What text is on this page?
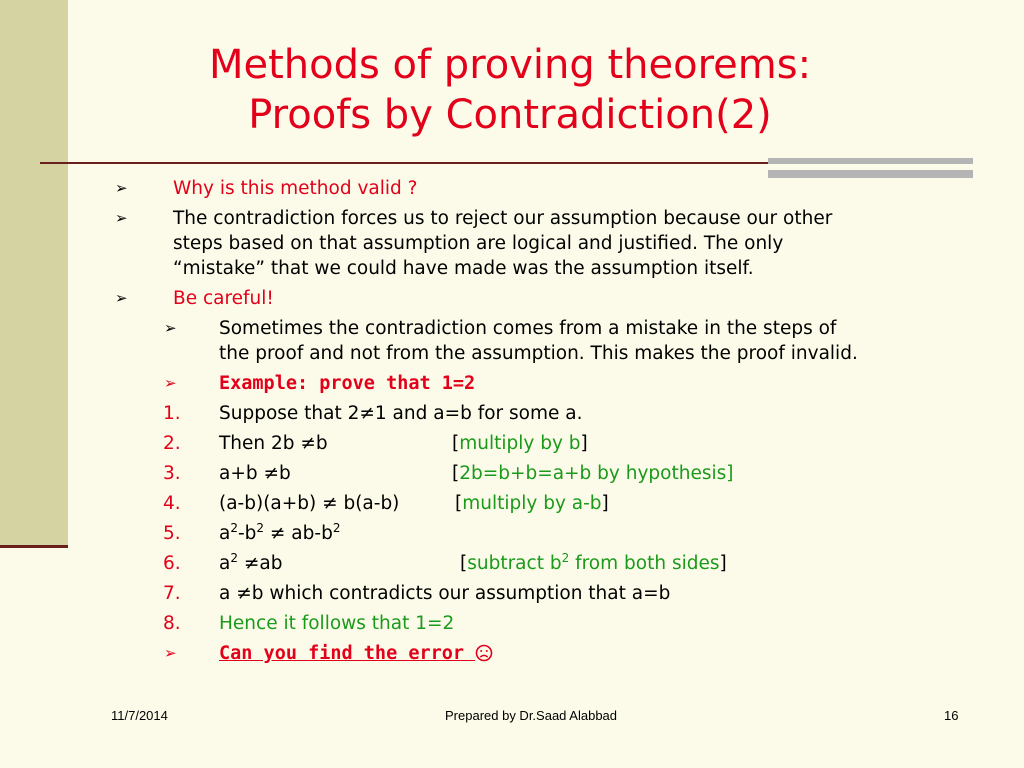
Methods of proving theorems:
Proofs by Contradiction(2)
➢ Why is this method valid ?
➢ The contradiction forces us to reject our assumption because our other
steps based on that assumption are logical and justified. The only
“mistake” that we could have made was the assumption itself.
➢ Be careful!
➢ Sometimes the contradiction comes from a mistake in the steps of
the proof and not from the assumption. This makes the proof invalid.
➢ Example: prove that 1=2
1. Suppose that 2≠1 and a=b for some a.
2. Then 2b ≠b	[multiply by b]
3. a+b ≠b	[2b=b+b=a+b by hypothesis]
4. (a-b)(a+b) ≠ b(a-b)	[multiply by a-b]
5. $a^2-b^2 \ne ab-b^2$
6. $a^2 \ne ab$	[subtract $b^2$ from both sides]
7. a ≠b which contradicts our assumption that a=b
8. Hence it follows that 1=2
➢ Can you find the error
11/7/2014	Prepared by Dr.Saad Alabbad	16
